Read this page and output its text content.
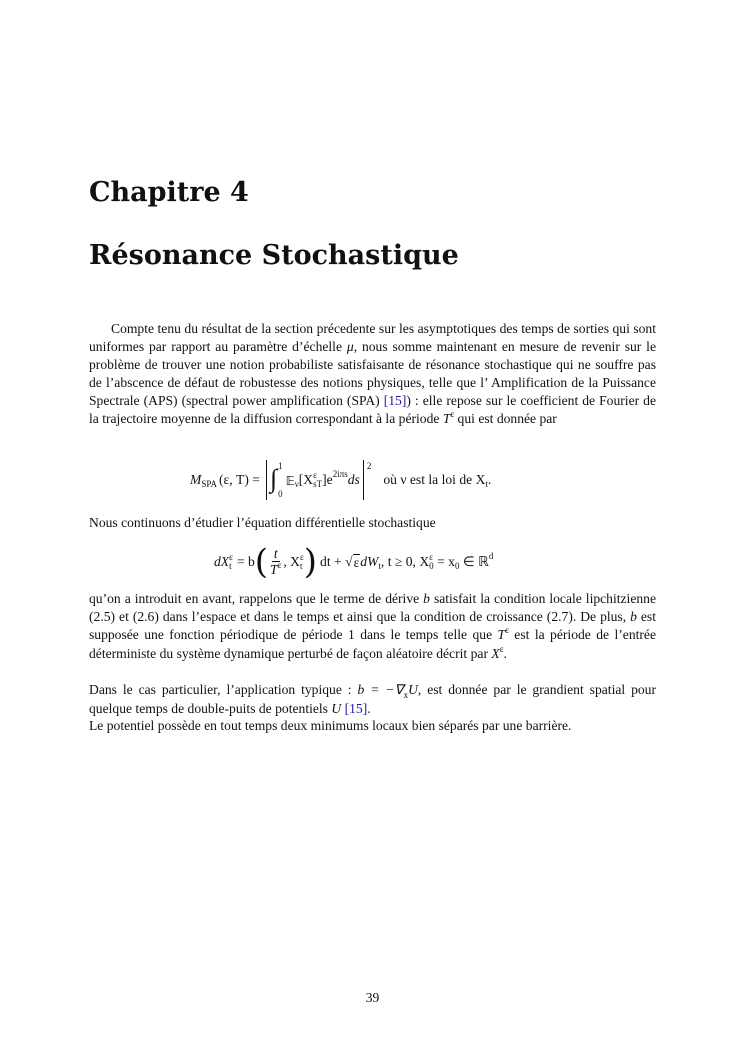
Chapitre 4
Résonance Stochastique

Compte tenu du résultat de la section précedente sur les asymptotiques des temps de sorties qui sont uniformes par rapport au paramètre d’échelle μ, nous somme maintenant en mesure de revenir sur le problème de trouver une notion probabiliste satisfaisante de résonance stochastique qui ne souffre pas de l’abscence de défaut de robustesse des notions physiques, telle que l’ Amplification de la Puissance Spectrale (APS) (spectral power amplification (SPA) [15]) : elle repose sur le coefficient de Fourier de la trajectoire moyenne de la diffusion correspondant à la période $T^\varepsilon$ qui est donnée par

M SPA (ε, T) = ∫ 1
0
𝔼 ν [X ε
sT ]e 2iπs ds
2
où ν est la loi de X t .

Nous continuons d’étudier l’équation différentielle stochastique

dX ε
t = b ( $\frac{t}{T^\varepsilon}$ , X ε
t ) dt + √ ε dW t , t ≥ 0, X ε
0 = x 0 ∈ ℝ d

qu’on a introduit en avant, rappelons que le terme de dérive b satisfait la condition locale lipchitzienne (2.5) et (2.6) dans l’espace et dans le temps et ainsi que la condition de croissance (2.7). De plus, b est supposée une fonction périodique de période 1 dans le temps telle que $T^\varepsilon$ est la période de l’entrée déterministe du système dynamique perturbé de façon aléatoire décrit par $X^\varepsilon$.

Dans le cas particulier, l’application typique : $b = -\nabla_xU$, est donnée par le grandient spatial pour quelque temps de double-puits de potentiels U [15].

Le potentiel possède en tout temps deux minimums locaux bien séparés par une barrière.

39
